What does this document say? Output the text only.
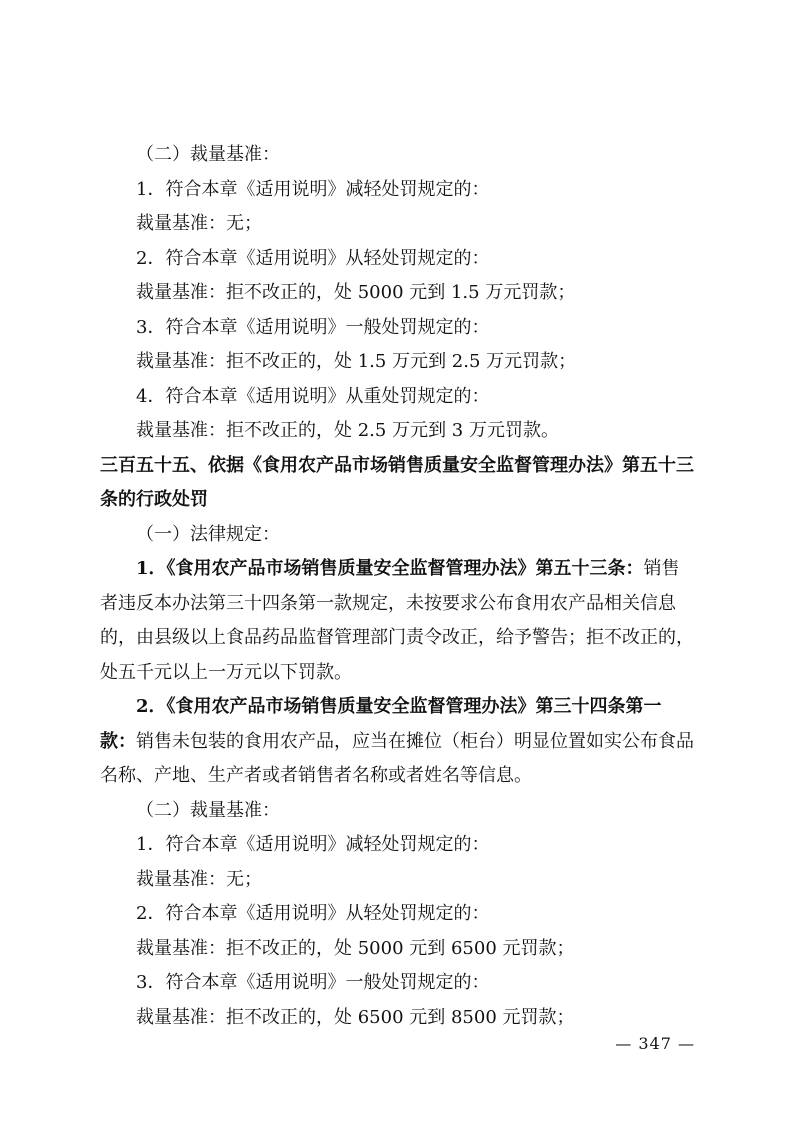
（二）裁量基准：

1．符合本章《适用说明》减轻处罚规定的：

裁量基准：无；

2．符合本章《适用说明》从轻处罚规定的：

裁量基准：拒不改正的，处 5000 元到 1.5 万元罚款；

3．符合本章《适用说明》一般处罚规定的：

裁量基准：拒不改正的，处 1.5 万元到 2.5 万元罚款；

4．符合本章《适用说明》从重处罚规定的：

裁量基准：拒不改正的，处 2.5 万元到 3 万元罚款。

三百五十五、依据《食用农产品市场销售质量安全监督管理办法》第五十三条的行政处罚

（一）法律规定：

1．《食用农产品市场销售质量安全监督管理办法》第五十三条：销售者违反本办法第三十四条第一款规定，未按要求公布食用农产品相关信息的，由县级以上食品药品监督管理部门责令改正，给予警告；拒不改正的，处五千元以上一万元以下罚款。

2．《食用农产品市场销售质量安全监督管理办法》第三十四条第一款：销售未包装的食用农产品，应当在摊位（柜台）明显位置如实公布食品名称、产地、生产者或者销售者名称或者姓名等信息。

（二）裁量基准：

1．符合本章《适用说明》减轻处罚规定的：

裁量基准：无；

2．符合本章《适用说明》从轻处罚规定的：

裁量基准：拒不改正的，处 5000 元到 6500 元罚款；

3．符合本章《适用说明》一般处罚规定的：

裁量基准：拒不改正的，处 6500 元到 8500 元罚款；

— 347 —
